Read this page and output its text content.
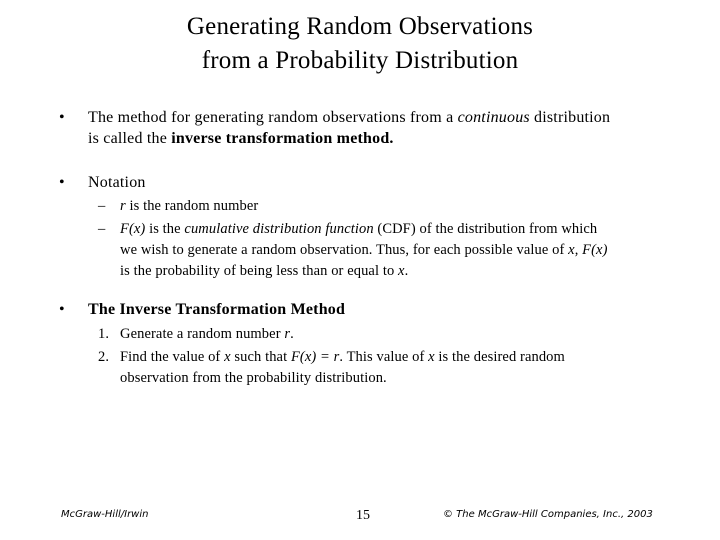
Generating Random Observations
from a Probability Distribution
• The method for generating random observations from a continuous distribution
is called the inverse transformation method.
• Notation
– r is the random number
– F(x) is the cumulative distribution function (CDF) of the distribution from which
we wish to generate a random observation. Thus, for each possible value of x, F(x)
is the probability of being less than or equal to x.
• The Inverse Transformation Method
1. Generate a random number r.
2. Find the value of x such that F(x) = r. This value of x is the desired random
observation from the probability distribution.
McGraw-Hill/Irwin	15	© The McGraw-Hill Companies, Inc., 2003
